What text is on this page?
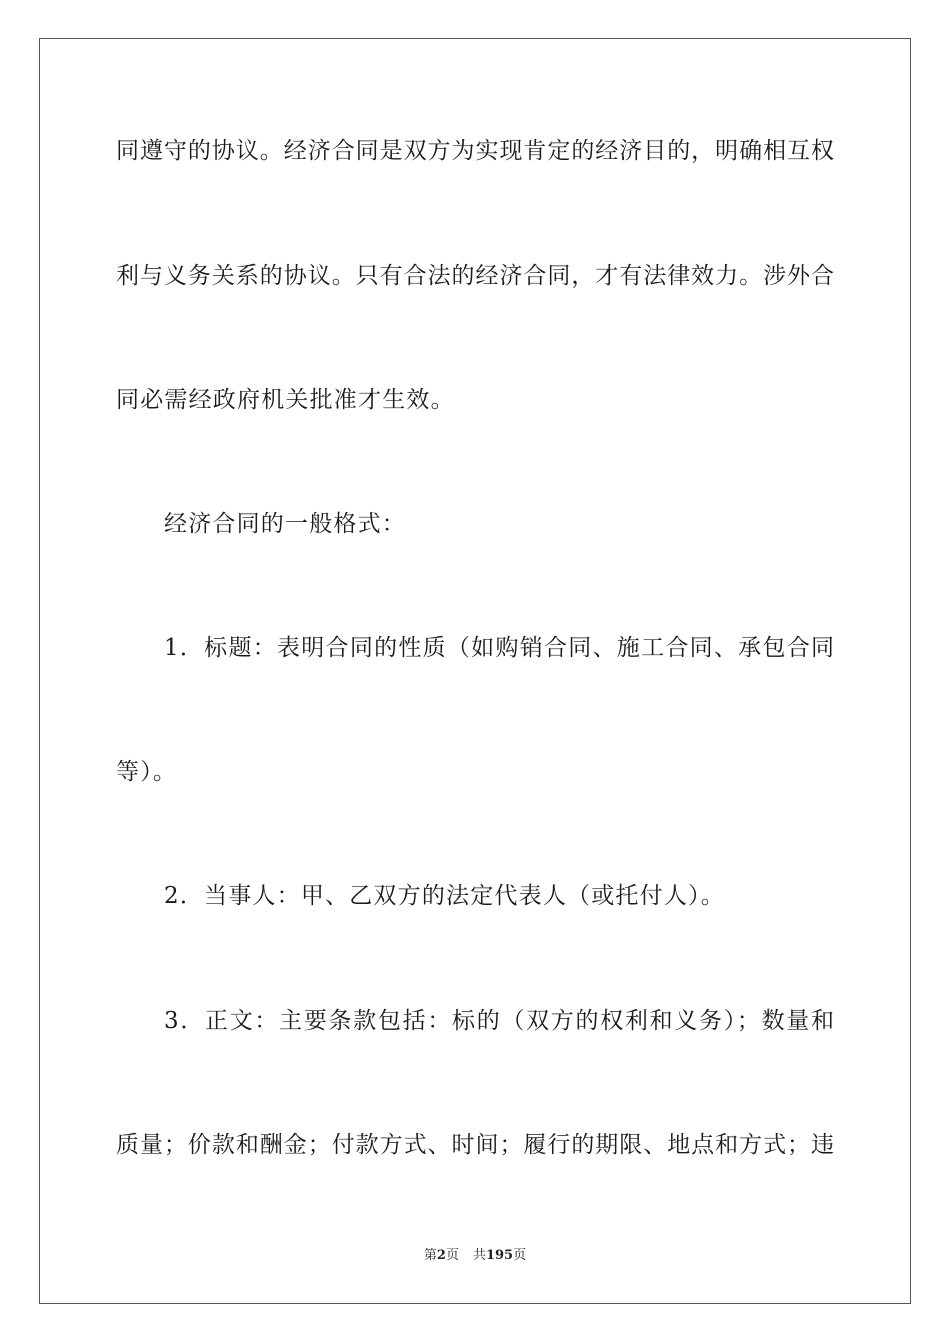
同遵守的协议。经济合同是双方为实现肯定的经济目的，明确相互权
利与义务关系的协议。只有合法的经济合同，才有法律效力。涉外合
同必需经政府机关批准才生效。
经济合同的一般格式：
1．标题：表明合同的性质（如购销合同、施工合同、承包合同
等）。
2．当事人：甲、乙双方的法定代表人（或托付人）。
3．正文：主要条款包括：标的（双方的权利和义务）；数量和
质量；价款和酬金；付款方式、时间；履行的期限、地点和方式；违
第2页 共195页
